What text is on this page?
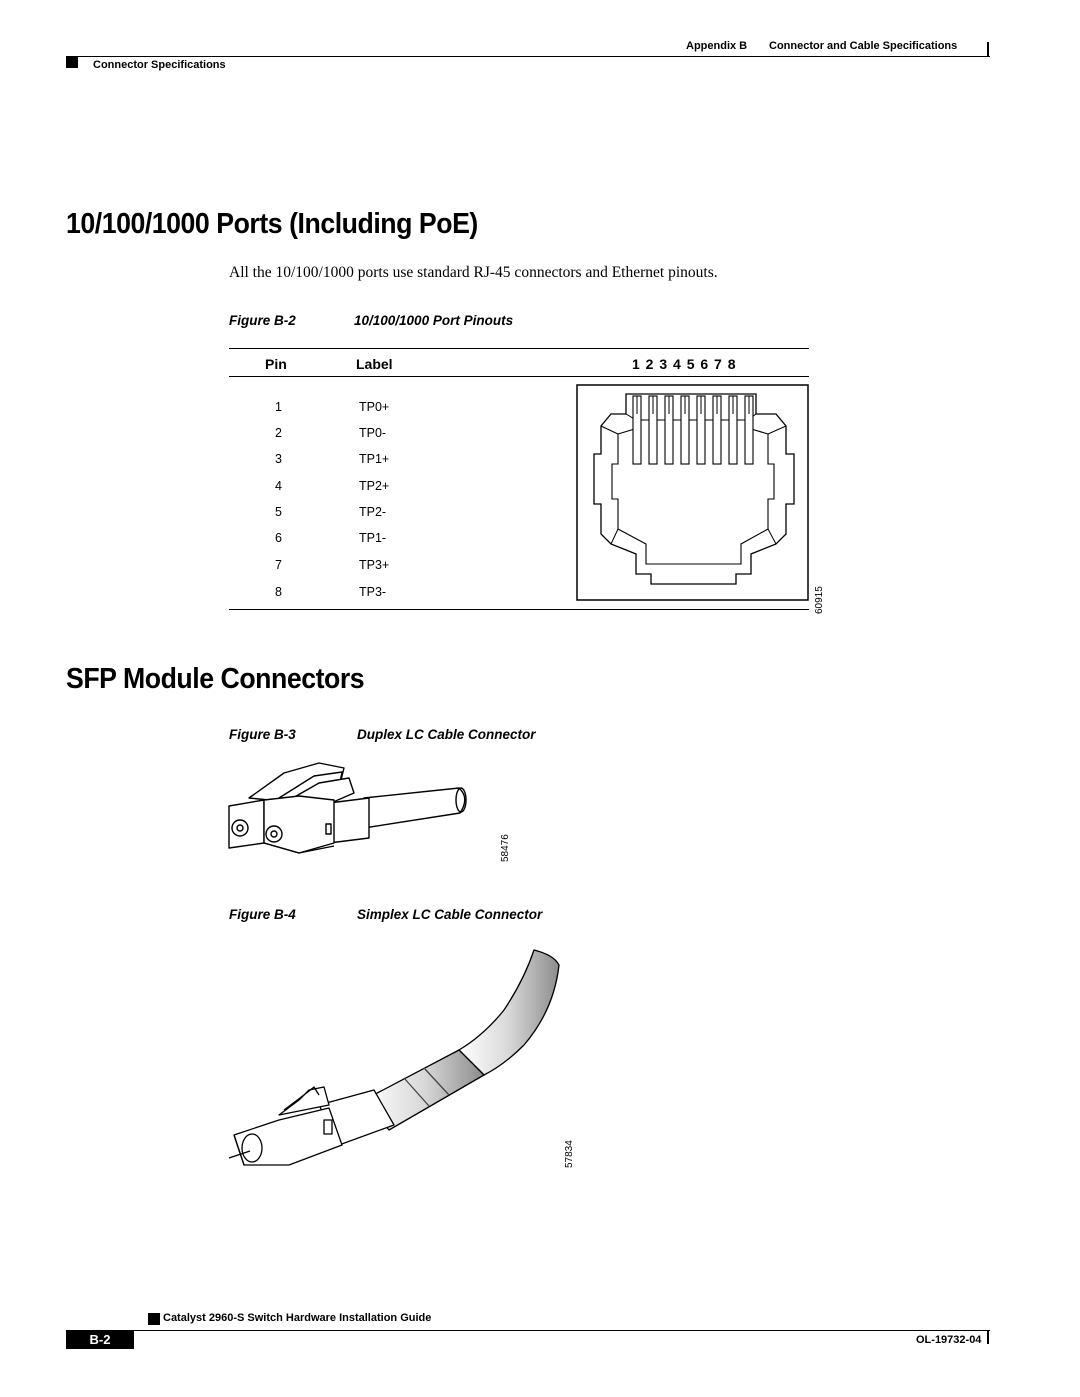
Appendix B Connector and Cable Specifications
Connector Specifications
10/100/1000 Ports (Including PoE)
All the 10/100/1000 ports use standard RJ-45 connectors and Ethernet pinouts.
Figure B-2	10/100/1000 Port Pinouts
Pin	Label	1 2 3 4 5 6 7 8
1	TP0+
2	TP0-
3	TP1+
4	TP2+
5	TP2-
6	TP1-
7	TP3+
8	TP3-	60915
SFP Module Connectors
Figure B-3	Duplex LC Cable Connector
58476
Figure B-4	Simplex LC Cable Connector
57834
Catalyst 2960-S Switch Hardware Installation Guide
B-2	OL-19732-04
